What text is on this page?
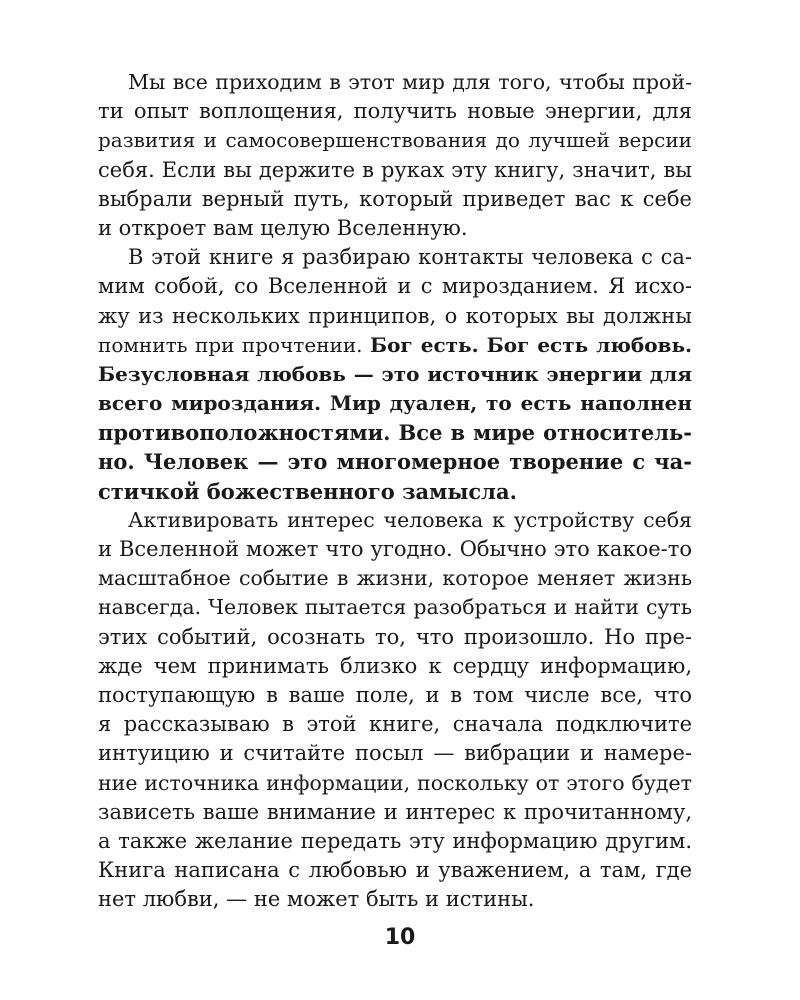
Мы все приходим в этот мир для того, чтобы прой-
ти опыт воплощения, получить новые энергии, для
развития и самосовершенствования до лучшей версии
себя. Если вы держите в руках эту книгу, значит, вы
выбрали верный путь, который приведет вас к себе
и откроет вам целую Вселенную.
В этой книге я разбираю контакты человека с са-
мим собой, со Вселенной и с мирозданием. Я исхо-
жу из нескольких принципов, о которых вы должны
помнить при прочтении. Бог есть. Бог есть любовь.
Безусловная любовь — это источник энергии для
всего мироздания. Мир дуален, то есть наполнен
противоположностями. Все в мире относитель-
но. Человек — это многомерное творение с ча-
стичкой божественного замысла.
Активировать интерес человека к устройству себя
и Вселенной может что угодно. Обычно это какое-то
масштабное событие в жизни, которое меняет жизнь
навсегда. Человек пытается разобраться и найти суть
этих событий, осознать то, что произошло. Но пре-
жде чем принимать близко к сердцу информацию,
поступающую в ваше поле, и в том числе все, что
я рассказываю в этой книге, сначала подключите
интуицию и считайте посыл — вибрации и намере-
ние источника информации, поскольку от этого будет
зависеть ваше внимание и интерес к прочитанному,
а также желание передать эту информацию другим.
Книга написана с любовью и уважением, а там, где
нет любви, — не может быть и истины.
10
